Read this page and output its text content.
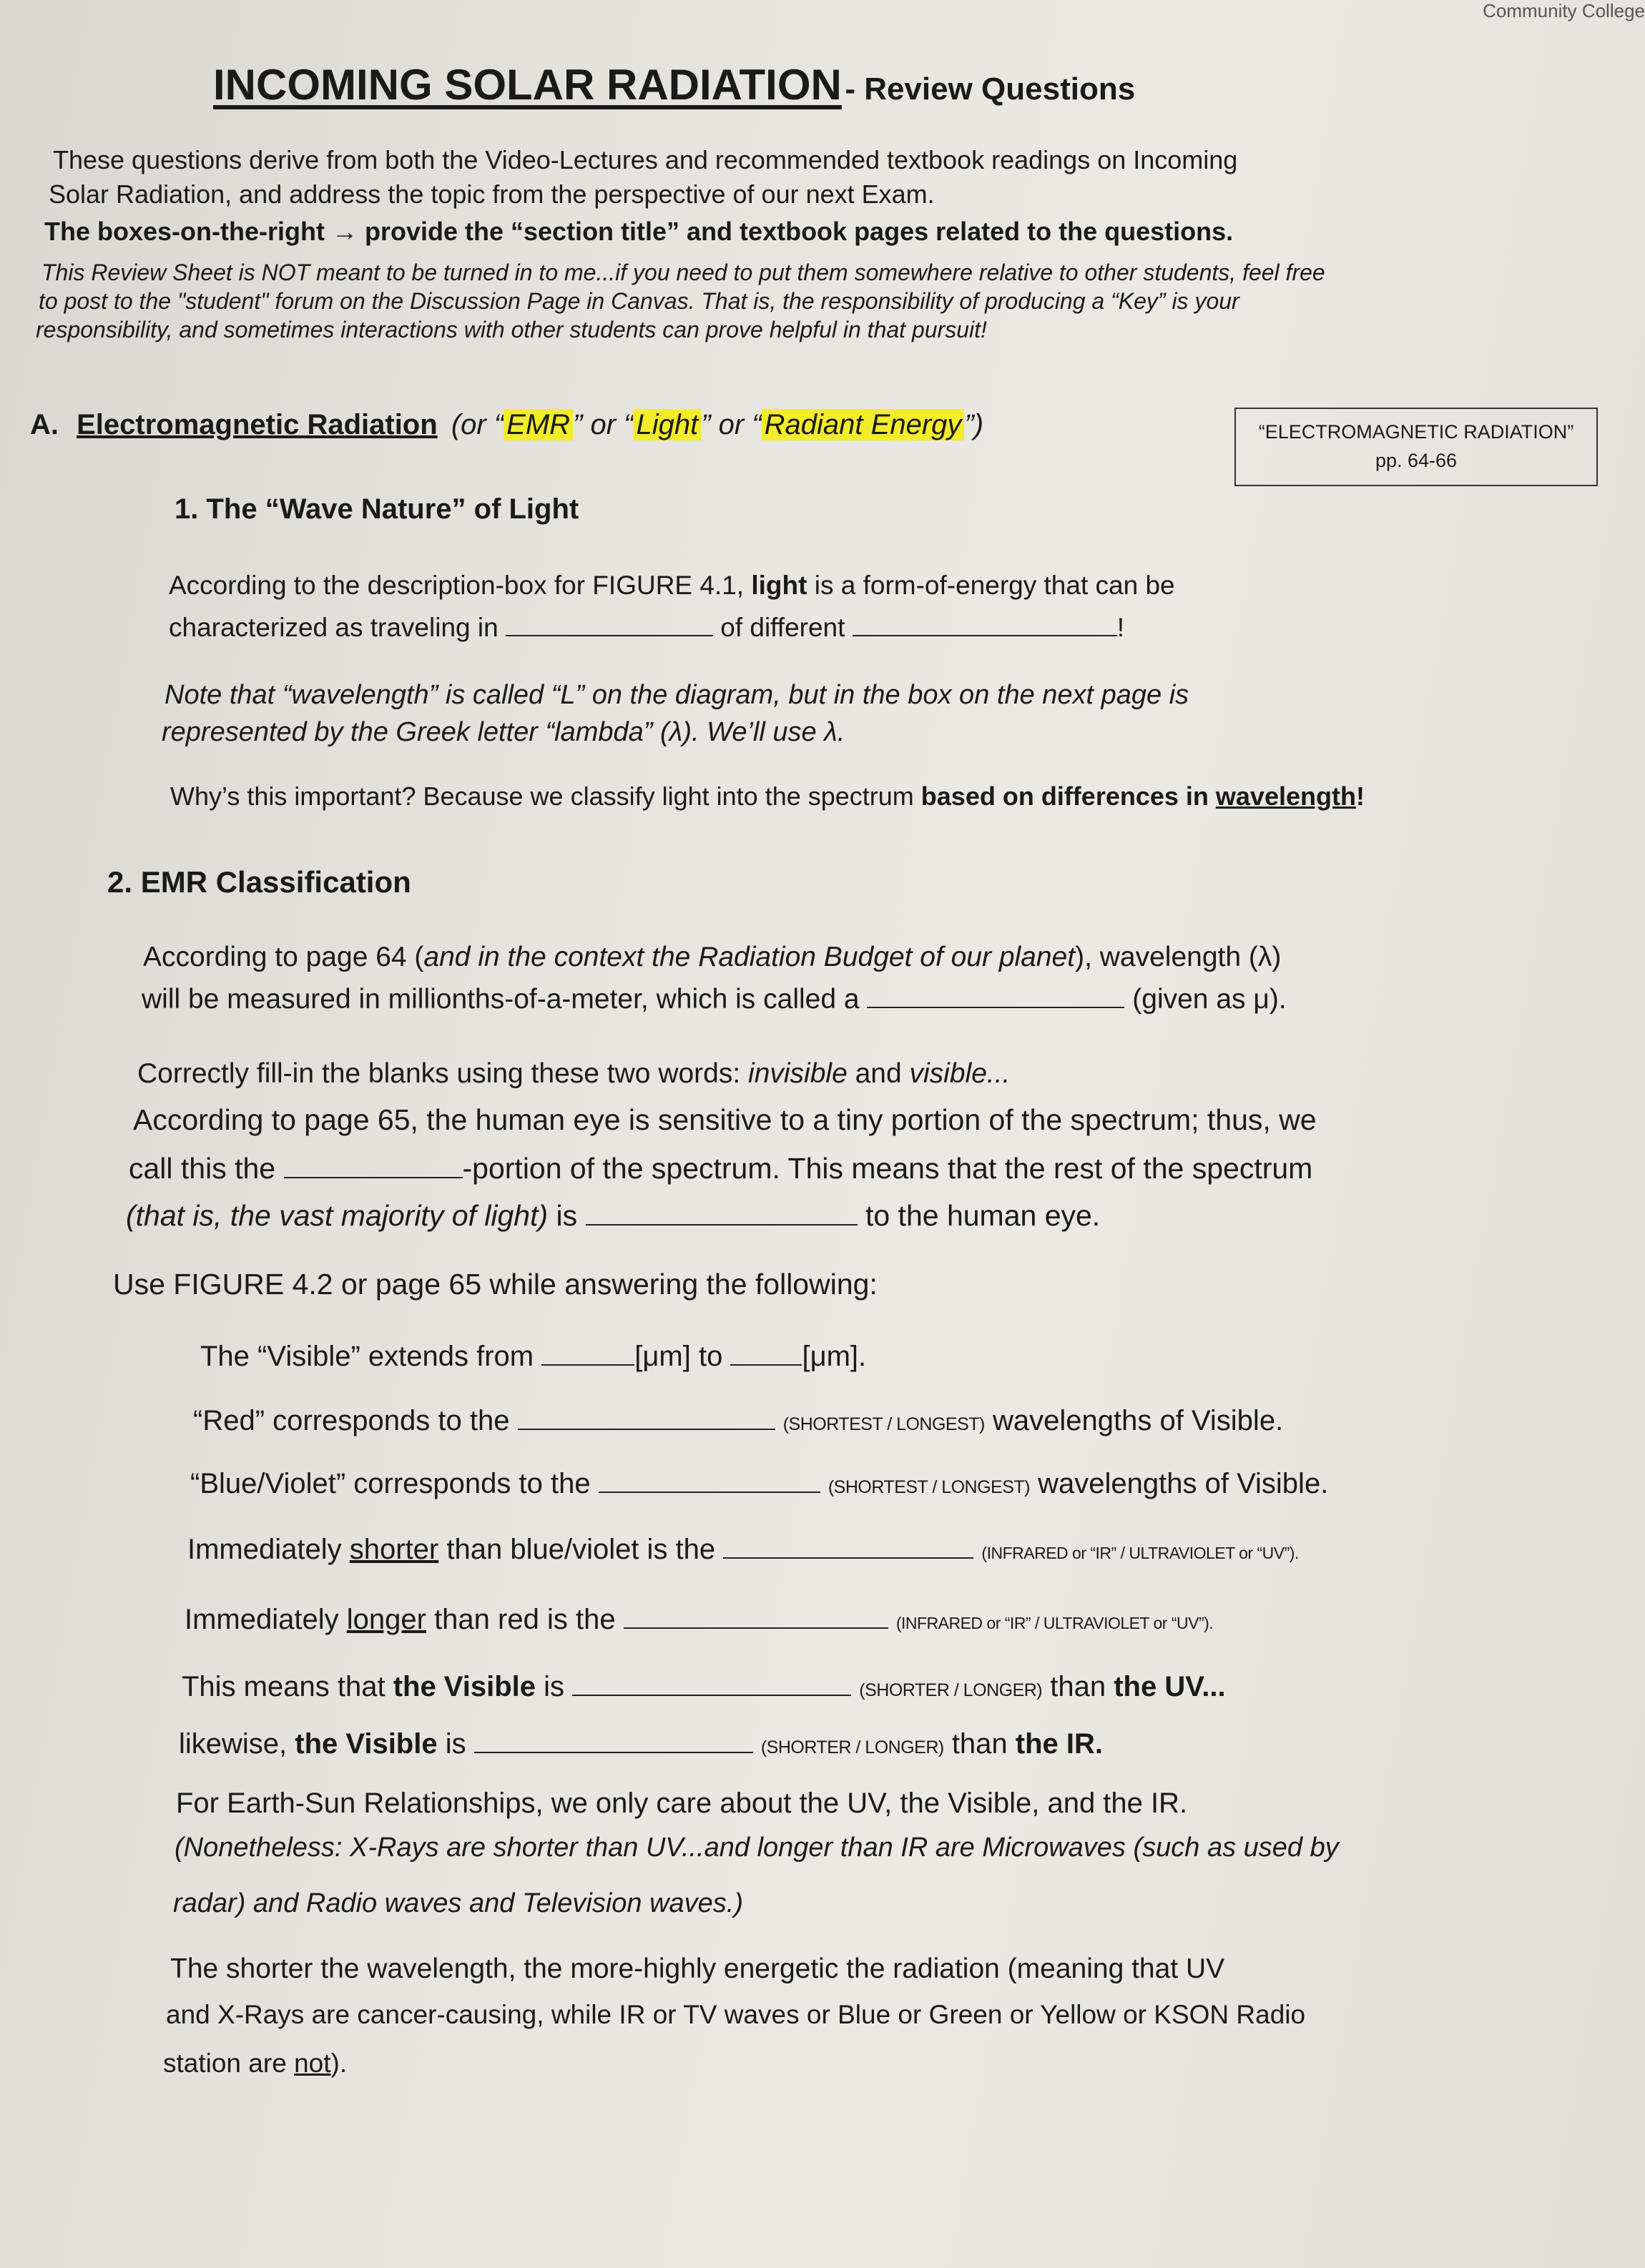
Community College
INCOMING SOLAR RADIATION - Review Questions
These questions derive from both the Video-Lectures and recommended textbook readings on Incoming
Solar Radiation, and address the topic from the perspective of our next Exam.
The boxes-on-the-right → provide the “section title” and textbook pages related to the questions.
This Review Sheet is NOT meant to be turned in to me...if you need to put them somewhere relative to other students, feel free
to post to the "student" forum on the Discussion Page in Canvas. That is, the responsibility of producing a “Key” is your
responsibility, and sometimes interactions with other students can prove helpful in that pursuit!
A. Electromagnetic Radiation (or “ EMR ” or “ Light ” or “ Radiant Energy ”)	“ELECTROMAGNETIC RADIATION”
pp. 64-66
1. The “Wave Nature” of Light
According to the description-box for FIGURE 4.1, light is a form-of-energy that can be
characterized as traveling in	of different	!
Note that “wavelength” is called “L” on the diagram, but in the box on the next page is
represented by the Greek letter “lambda” (λ). We’ll use λ.
Why’s this important? Because we classify light into the spectrum based on differences in wavelength!
2. EMR Classification
According to page 64 (and in the context the Radiation Budget of our planet), wavelength (λ)
will be measured in millionths-of-a-meter, which is called a	(given as μ).
Correctly fill-in the blanks using these two words: invisible and visible...
According to page 65, the human eye is sensitive to a tiny portion of the spectrum; thus, we
call this the	-portion of the spectrum. This means that the rest of the spectrum
(that is, the vast majority of light) is	to the human eye.
Use FIGURE 4.2 or page 65 while answering the following:
The “Visible” extends from	[μm] to	[μm].
“Red” corresponds to the	(SHORTEST / LONGEST) wavelengths of Visible.
“Blue/Violet” corresponds to the	(SHORTEST / LONGEST) wavelengths of Visible.
Immediately shorter than blue/violet is the	(INFRARED or “IR” / ULTRAVIOLET or “UV”).
Immediately longer than red is the	(INFRARED or “IR” / ULTRAVIOLET or “UV”).
This means that the Visible is	(SHORTER / LONGER) than the UV...
likewise, the Visible is	(SHORTER / LONGER) than the IR.
For Earth-Sun Relationships, we only care about the UV, the Visible, and the IR.
(Nonetheless: X-Rays are shorter than UV...and longer than IR are Microwaves (such as used by
radar) and Radio waves and Television waves.)
The shorter the wavelength, the more-highly energetic the radiation (meaning that UV
and X-Rays are cancer-causing, while IR or TV waves or Blue or Green or Yellow or KSON Radio
station are not).
